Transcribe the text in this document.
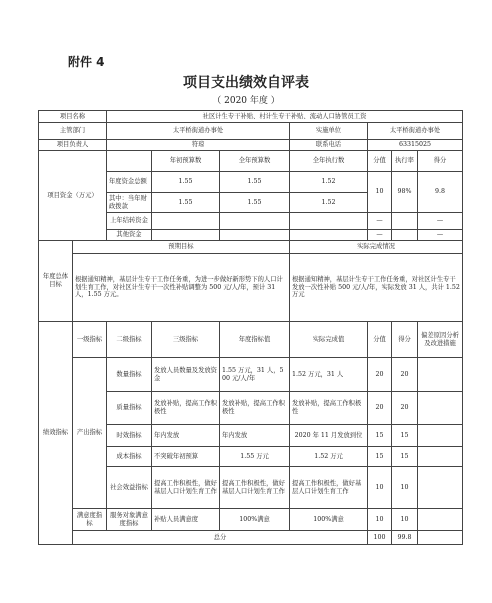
附件 4
项目支出绩效自评表
（ 2020 年度 ）
项目名称		社区计生专干补贴、村计生专干补贴、流动人口协管员工资						
主管部门		太平桥街道办事处			实施单位	太平桥街道办事处		
项目负责人		符琼			联系电话	63315025		
项目资金（万元）			年初预算数	全年预算数	全年执行数	分值	执行率	得分
		年度资金总额	1.55	1.55	1.52	10	98%	9.8
		其中：当年财政拨款	1.55	1.55	1.52			
		上年结转资金				—		—
		其他资金				—		—
年度总体目标	预期目标				实际完成情况			
	根据通知精神，基层计生专干工作任务重，为进一步做好新形势下的人口计划生育工作，对社区计生专干一次性补贴调整为 500 元/人/年，预计 31 人，1.55 万元。				根据通知精神，基层计生专干工作任务重，对社区计生专干发放一次性补贴 500 元/人/年，实际发放 31 人，共计 1.52 万元			
绩效指标	一级指标	二级指标	三级指标	年度指标值	实际完成值	分值	得分	偏差原因分析及改进措施
	产出指标	数量指标	发放人员数量及发放资金	1.55 万元，31 人，500 元/人/年	1.52 万元，31 人	20	20	
		质量指标	发放补贴，提高工作积极性	发放补贴，提高工作积极性	发放补贴，提高工作积极性	20	20	
		时效指标	年内发放	年内发放	2020 年 11 月发放到位	15	15	
		成本指标	不突破年初预算	1.55 万元	1.52 万元	15	15	
		社会效益指标	提高工作积极性，做好基层人口计划生育工作	提高工作积极性，做好基层人口计划生育工作	提高工作积极性，做好基层人口计划生育工作	10	10	
	满意度指标	服务对象满意度指标	补贴人员满意度	100%满意	100%满意	10	10	
	总分					100	99.8	
